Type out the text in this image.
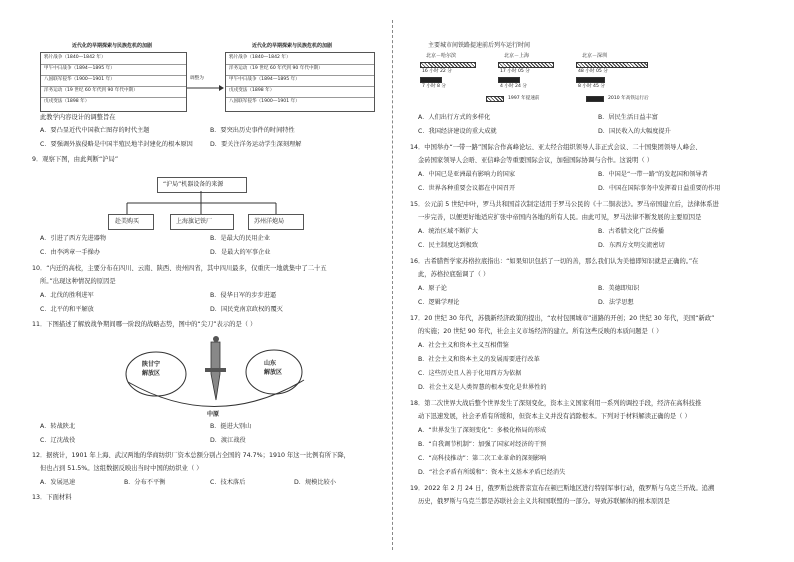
近代化的早期探索与民族危机的加剧
鸦片战争（1840—1842 年）
甲午中日战争（1894—1895 年）
八国联军侵华（1900—1901 年）
洋务运动（19 世纪 60 年代到 90 年代中期）
戊戌变法（1898 年）
调整为
近代化的早期探索与民族危机的加剧
鸦片战争（1840—1842 年）
洋务运动（19 世纪 60 年代到 90 年代中期）
甲午中日战争（1894—1895 年）
戊戌变法（1898 年）
八国联军侵华（1900—1901 年）
此教学内容设计的调整旨在
A．要凸显近代中国救亡图存的时代主题	B．要突出历史事件的时间特性
C．要强调外族侵略是中国半殖民地半封建化的根本原因	D．要关注洋务运动学生深刻理解
9．观察下图，由此判断“沪局”
“沪局”机器设备的来源
赴美购买	上海旗记铁厂	苏州洋炮局
A．引进了西方先进器物	B．是最大的民用企业
C．由李鸿章一手操办	D．是最大的军事企业
10．“内迁的高校，主要分布在四川、云南、陕西、贵州四省，其中四川最多，仅重庆一地就集中了二十五
所。”出现这种情况的原因是
A．北伐的胜利进军	B．侵华日军的步步进逼
C．北平的和平解放	D．国民党南京政权的覆灭
11．下图描述了解放战争期间哪一阶段的战略态势，图中的“尖刀”表示的是（ ）
陕甘宁
解放区
山东
解放区
中原
A．转战陕北	B．挺进大别山
C．辽沈战役	D．渡江战役
12．据统计，1901 年上海、武汉两地的华商纺织厂资本总额分别占全国的 74.7%；1910 年这一比例有所下降，
但也占到 51.5%。这组数据反映出当时中国的纺织业（ ）
A．发展迅速	B．分布不平衡	C．技术落后	D．规模比较小
13．下面材料
主要城市间铁路提速前后列车运行时间
北京－哈尔滨
16 小时 22 分
7 小时 8 分
北京－上海
17 小时 05 分
4 小时 24 分
北京－深圳
48 小时 05 分
8 小时 45 分
1997 年提速前	2010 年高铁运行后
A．人们出行方式的多样化	B．居民生活日益丰富
C．我国经济建设的重大成就	D．国民收入的大幅度提升
14．中国举办“一带一路”国际合作高峰论坛、亚太经合组织领导人非正式会议、二十国集团领导人峰会、
金砖国家领导人会晤、亚信峰会等重要国际会议，加强国际协调与合作。这说明（ ）
A．中国已是亚洲最有影响力的国家	B．中国是“一带一路”的发起国和领导者
C．世界各种重要会议都在中国召开	D．中国在国际事务中发挥着日益重要的作用
15．公元前 5 世纪中叶，罗马共和国首次制定适用于罗马公民的《十二铜表法》。罗马帝国建立后，法律体系进
一步完善，以便更好地适应扩张中帝国内各地的所有人民。由此可见，罗马法律不断发展的主要原因是
A．统治区域不断扩大	B．古希腊文化广泛传播
C．民主制度达到极致	D．东西方文明交流密切
16．古希腊哲学家苏格拉底指出：“如果知识包括了一切的善，那么我们认为美德即知识就是正确的。”在
此，苏格拉底强调了（ ）
A．原子论	B．美德即知识
C．逻辑学理论	D．法学思想
17．20 世纪 30 年代，苏俄新经济政策的提出，“农村包围城市”道路的开创；20 世纪 30 年代，美国“新政”
的实施；20 世纪 90 年代，社会主义市场经济的建立。所有这些反映的本质问题是（ ）
A．社会主义和资本主义互相借鉴
B．社会主义和资本主义的发展需要进行改革
C．这些历史且人善于化用西方为依据
D．社会主义是人类智慧的根本变化是世界性的
18．第二次世界大战后整个世界发生了深刻变化，资本主义国家利用一系列的调控手段，经济在高科技推
动下迅速发展，社会矛盾有所缓和，但资本主义并没有消除根本。下列对于材料解读正确的是（ ）
A．“世界发生了深刻变化”：多极化格局的形成
B．“自我调节机制”：加强了国家对经济的干预
C．“高科技推动”：第二次工业革命的深刻影响
D．“社会矛盾有所缓和”：资本主义基本矛盾已经消失
19．2022 年 2 月 24 日，俄罗斯总统普京宣布在顿巴斯地区进行特别军事行动，俄罗斯与乌克兰开战。追溯
历史，俄罗斯与乌克兰都是苏联社会主义共和国联盟的一部分。导致苏联解体的根本原因是
